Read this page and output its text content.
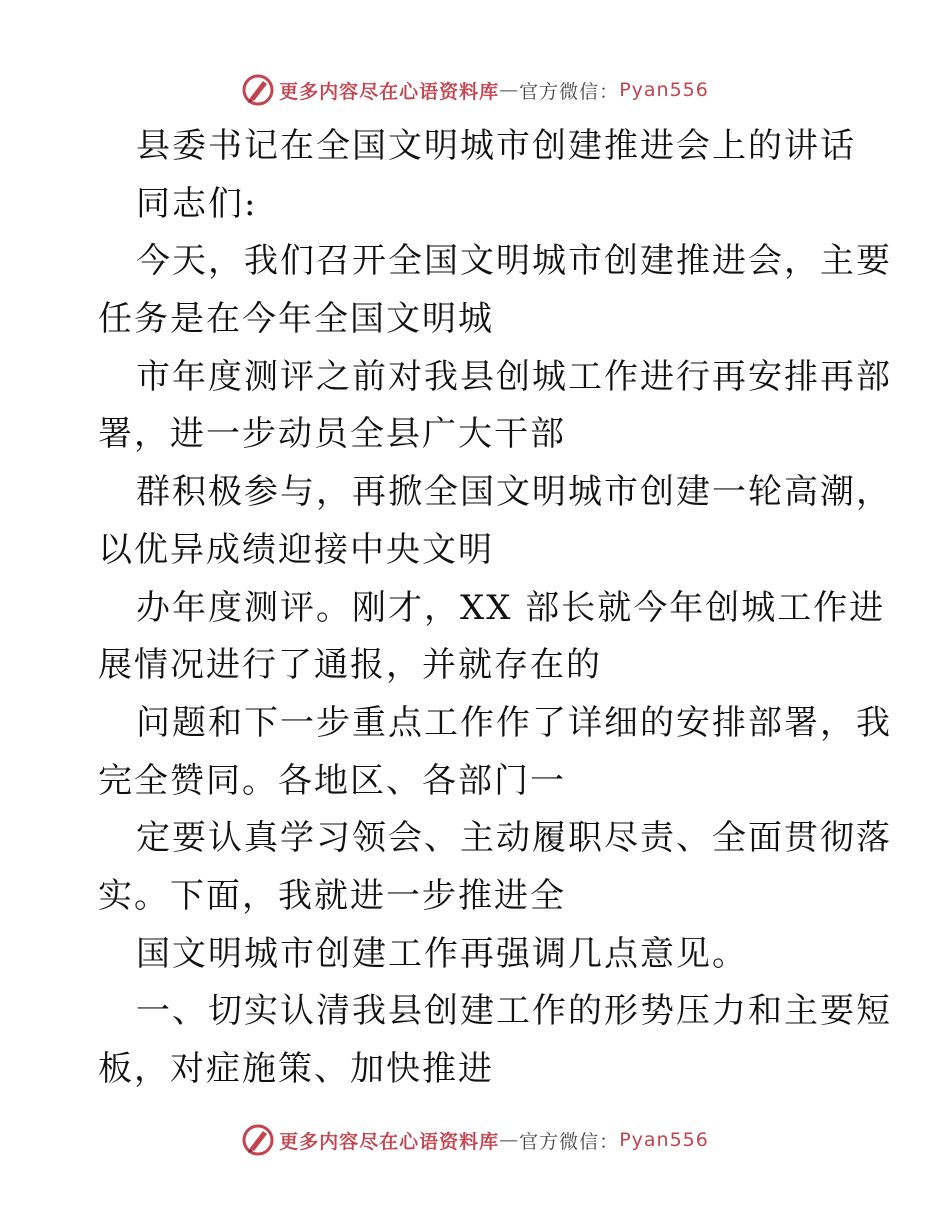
更多内容尽在心语资料库 — 官方微信： Pyan556
县委书记在全国文明城市创建推进会上的讲话
同志们:
今天，我们召开全国文明城市创建推进会，主要
任务是在今年全国文明城
市年度测评之前对我县创城工作进行再安排再部
署，进一步动员全县广大干部
群积极参与，再掀全国文明城市创建一轮高潮，
以优异成绩迎接中央文明
办年度测评。刚才，XX 部长就今年创城工作进
展情况进行了通报，并就存在的
问题和下一步重点工作作了详细的安排部署，我
完全赞同。各地区、各部门一
定要认真学习领会、主动履职尽责、全面贯彻落
实。下面，我就进一步推进全
国文明城市创建工作再强调几点意见。
一、切实认清我县创建工作的形势压力和主要短
板，对症施策、加快推进
更多内容尽在心语资料库 — 官方微信： Pyan556
